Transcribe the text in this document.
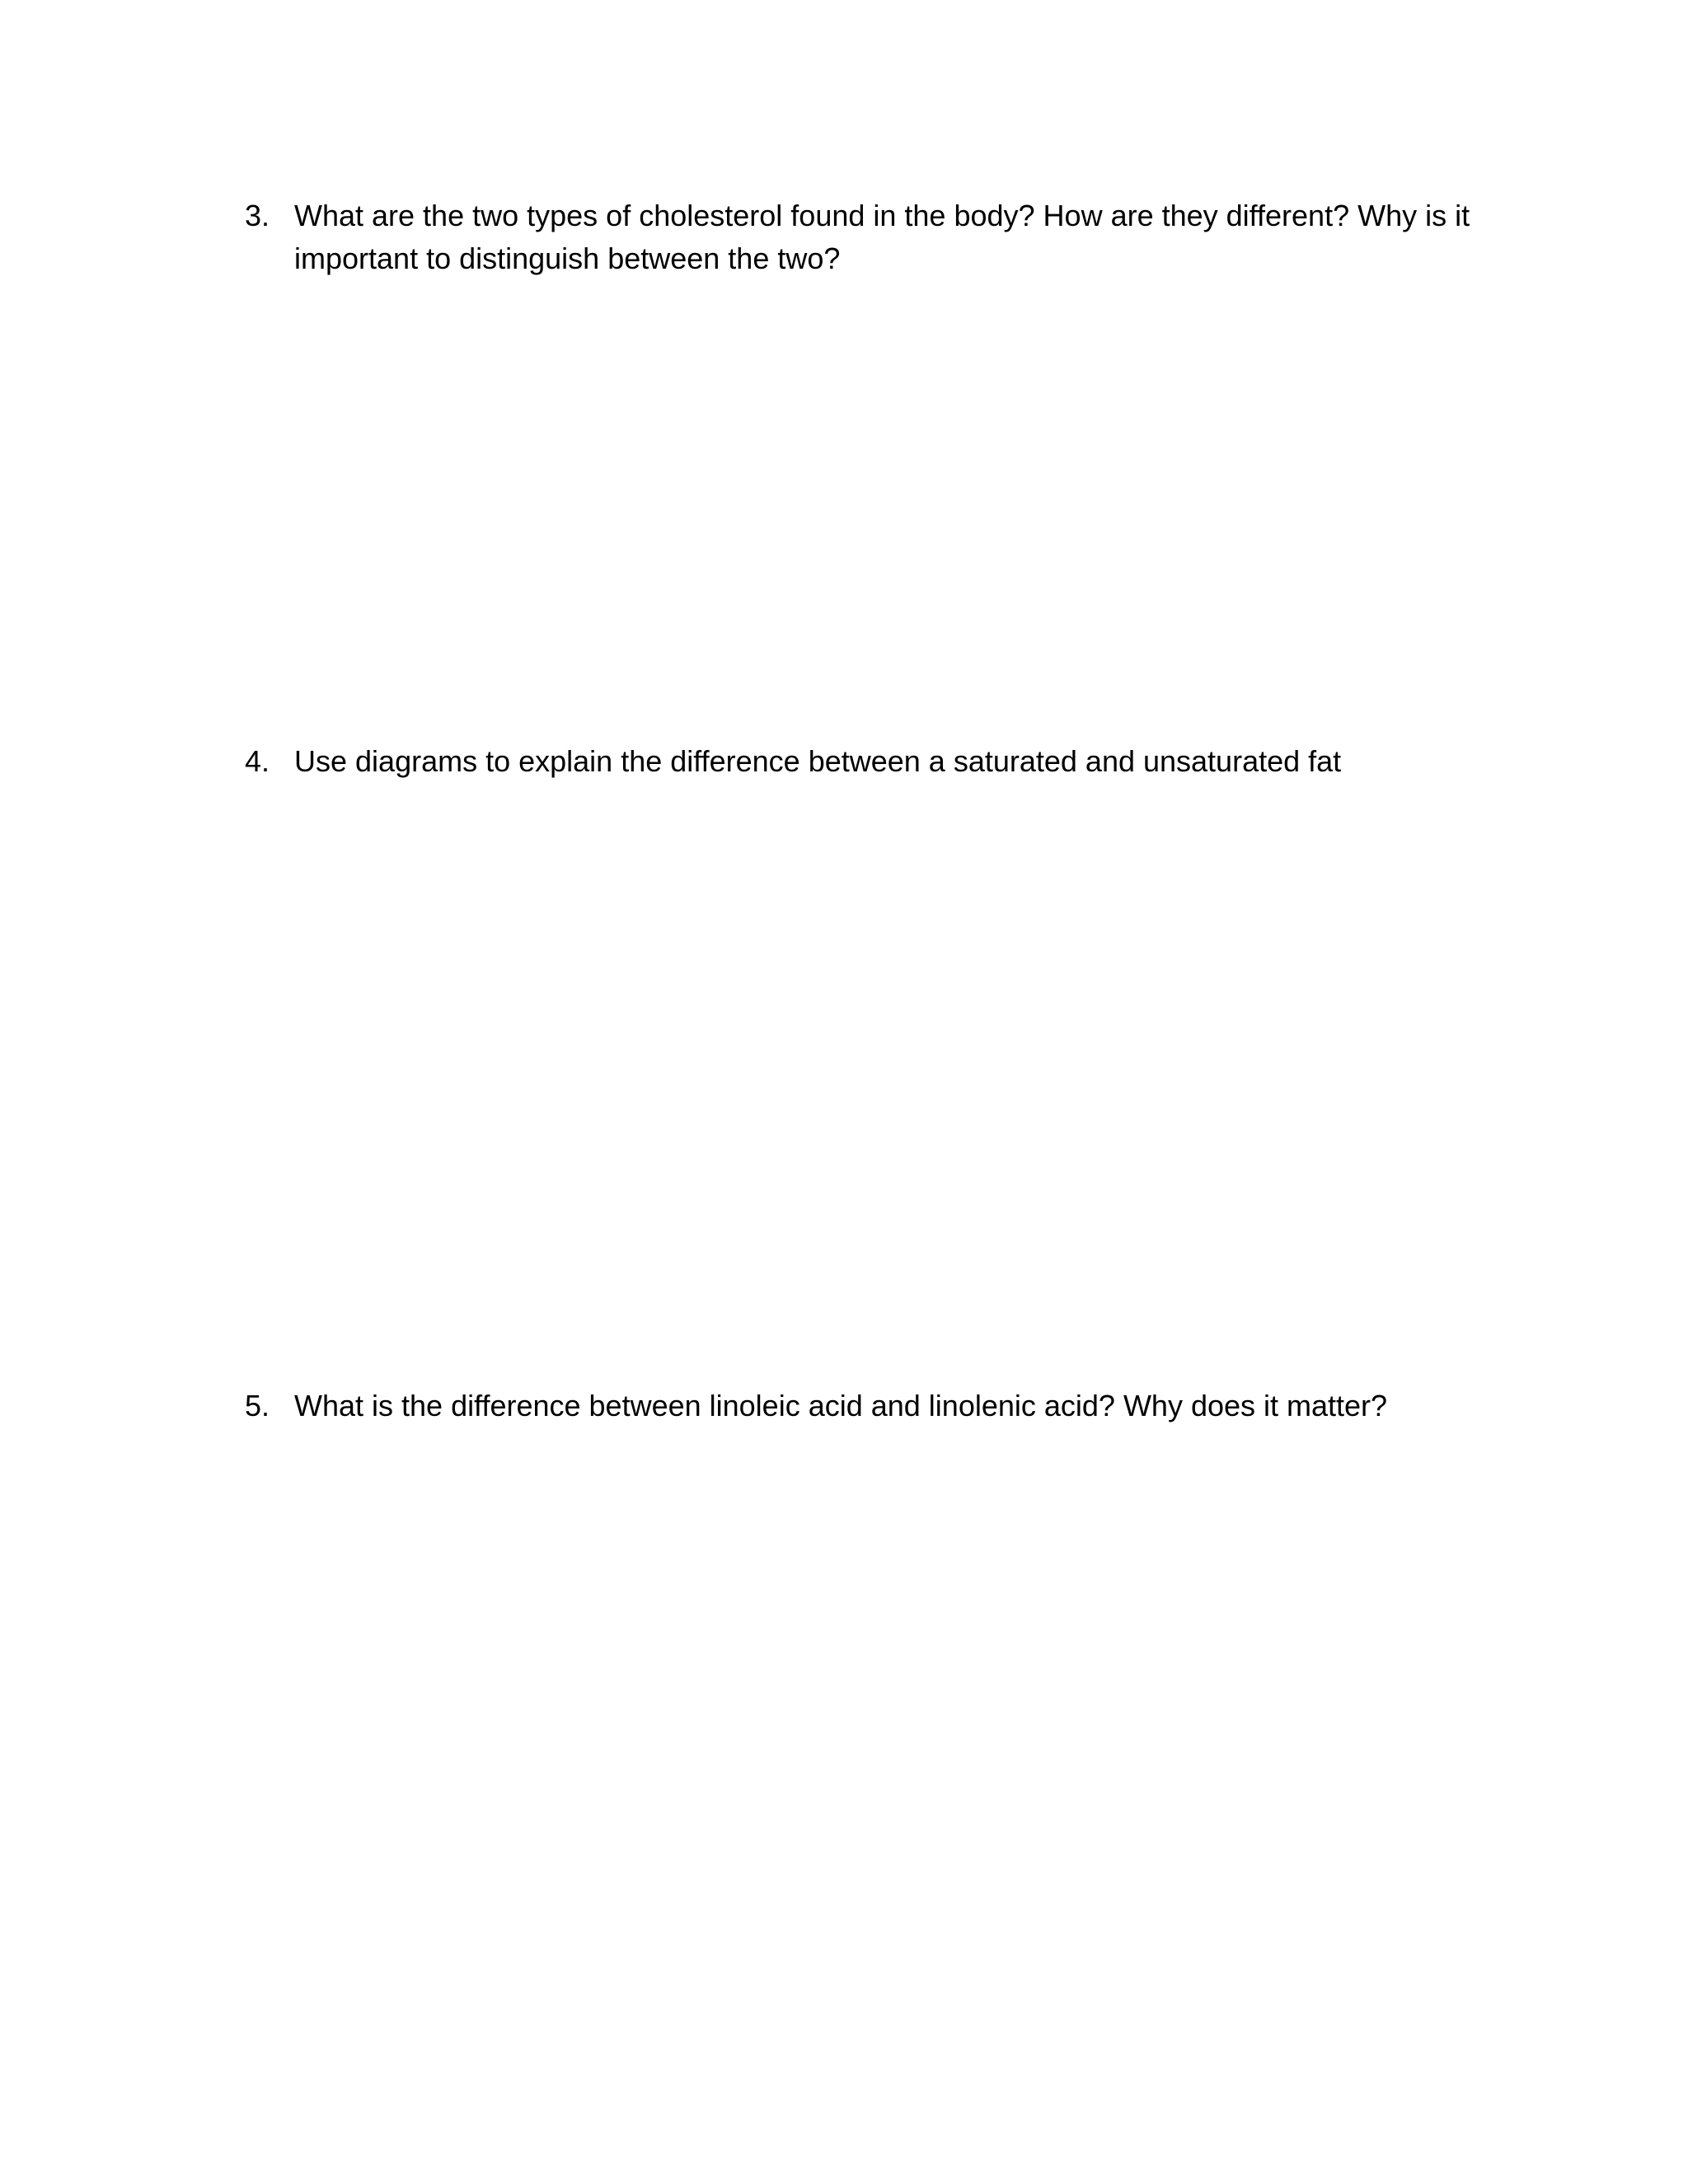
3. What are the two types of cholesterol found in the body? How are they different? Why is it important to distinguish between the two?
4. Use diagrams to explain the difference between a saturated and unsaturated fat
5. What is the difference between linoleic acid and linolenic acid? Why does it matter?
